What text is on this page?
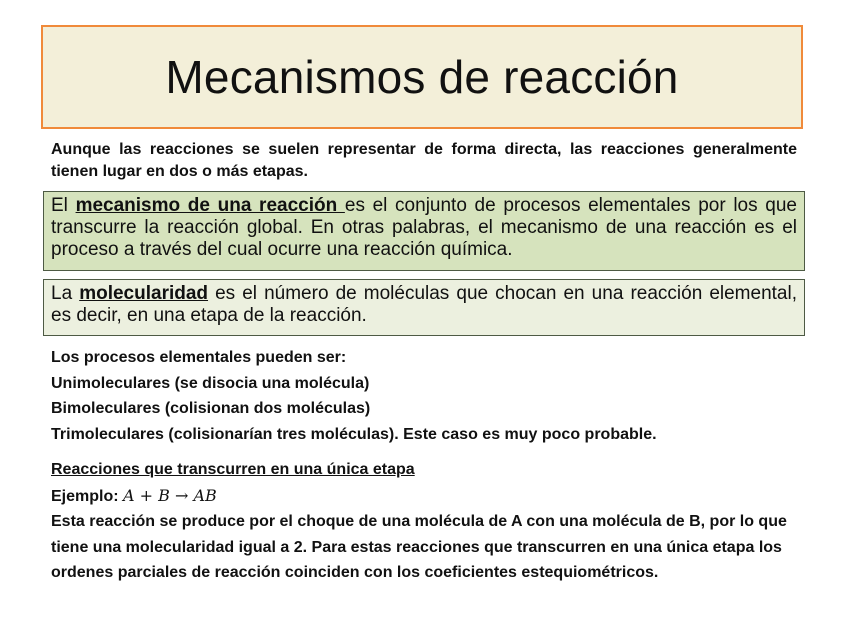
Mecanismos de reacción
Aunque las reacciones se suelen representar de forma directa, las reacciones generalmente tienen lugar en dos o más etapas.
El mecanismo de una reacción es el conjunto de procesos elementales por los que transcurre la reacción global. En otras palabras, el mecanismo de una reacción es el proceso a través del cual ocurre una reacción química.
La molecularidad es el número de moléculas que chocan en una reacción elemental, es decir, en una etapa de la reacción.

Los procesos elementales pueden ser:

Unimoleculares (se disocia una molécula)

Bimoleculares (colisionan dos moléculas)

Trimoleculares (colisionarían tres moléculas). Este caso es muy poco probable.

Reacciones que transcurren en una única etapa

Ejemplo: A + B → AB

Esta reacción se produce por el choque de una molécula de A con una molécula de B, por lo que tiene una molecularidad igual a 2. Para estas reacciones que transcurren en una única etapa los ordenes parciales de reacción coinciden con los coeficientes estequiométricos.
